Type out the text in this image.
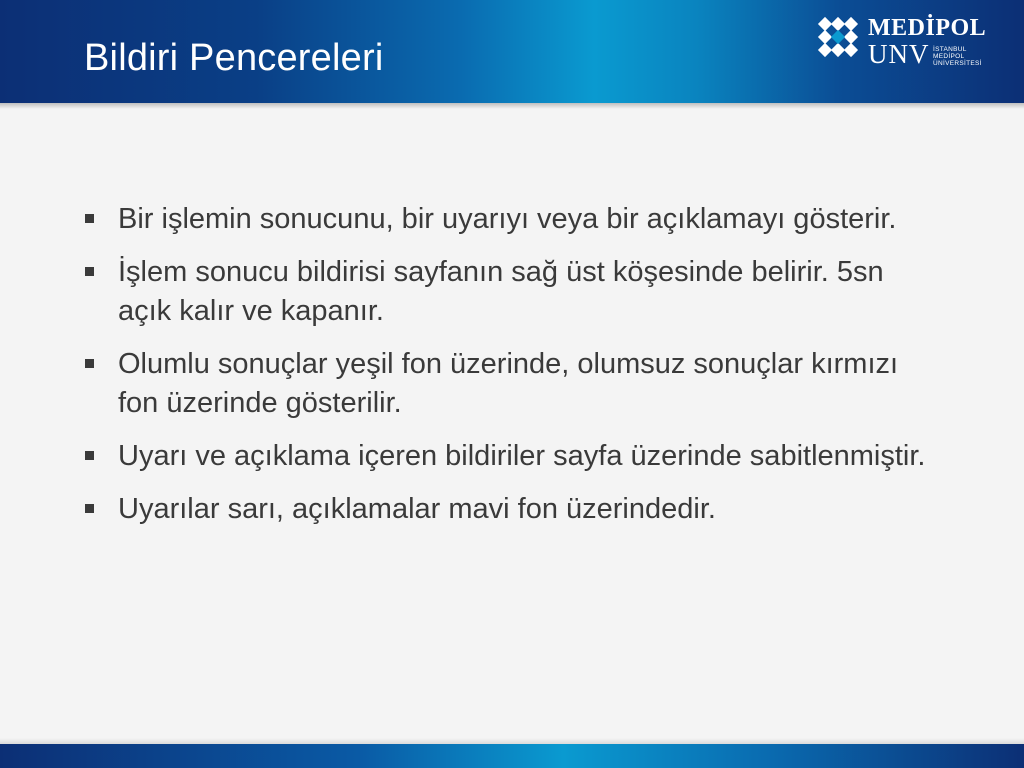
Bildiri Pencereleri
MEDİPOL
UNV İSTANBUL
MEDİPOL
ÜNİVERSİTESİ
Bir işlemin sonucunu, bir uyarıyı veya bir açıklamayı gösterir.
İşlem sonucu bildirisi sayfanın sağ üst köşesinde belirir. 5sn açık kalır ve kapanır.
Olumlu sonuçlar yeşil fon üzerinde, olumsuz sonuçlar kırmızı fon üzerinde gösterilir.
Uyarı ve açıklama içeren bildiriler sayfa üzerinde sabitlenmiştir.
Uyarılar sarı, açıklamalar mavi fon üzerindedir.
